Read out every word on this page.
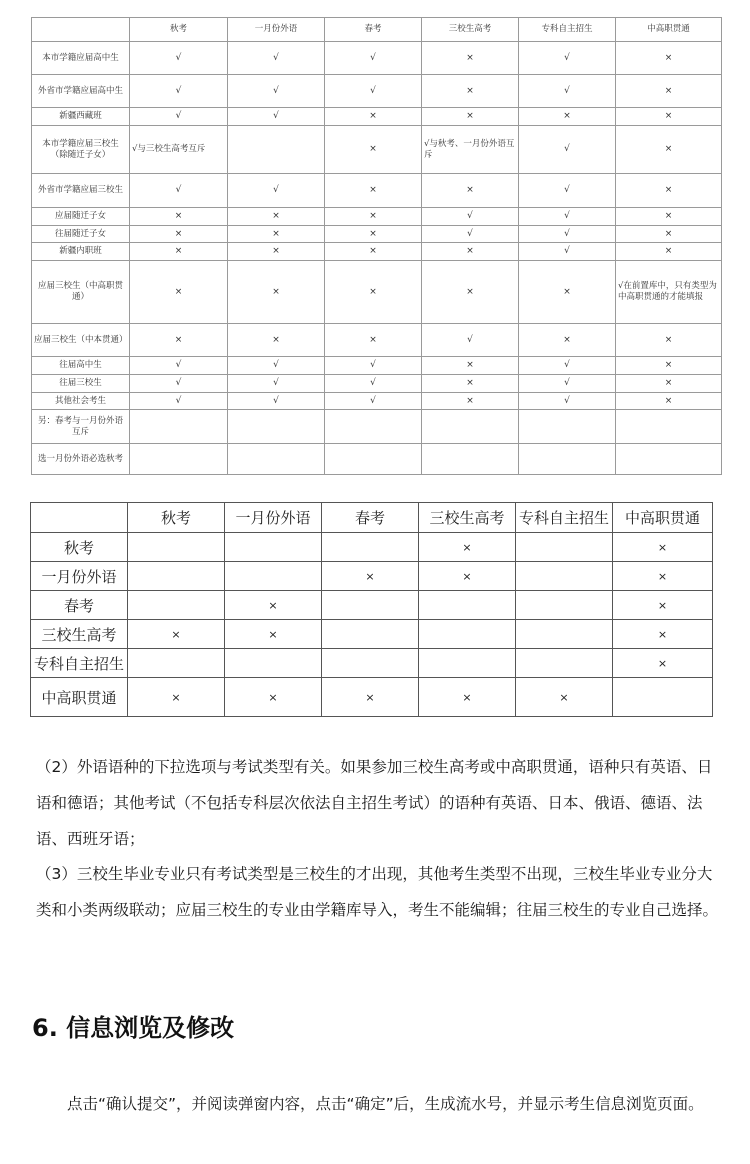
	秋考	一月份外语	春考	三校生高考	专科自主招生	中高职贯通
本市学籍应届高中生	√	√	√	×	√	×
外省市学籍应届高中生	√	√	√	×	√	×
新疆西藏班	√	√	×	×	×	×
本市学籍应届三校生（除随迁子女）	√与三校生高考互斥		×	√与秋考、一月份外语互斥	√	×
外省市学籍应届三校生	√	√	×	×	√	×
应届随迁子女	×	×	×	√	√	×
往届随迁子女	×	×	×	√	√	×
新疆内职班	×	×	×	×	√	×
应届三校生（中高职贯通）	×	×	×	×	×	√在前置库中，只有类型为中高职贯通的才能填报
应届三校生（中本贯通）	×	×	×	√	×	×
往届高中生	√	√	√	×	√	×
往届三校生	√	√	√	×	√	×
其他社会考生	√	√	√	×	√	×
另：春考与一月份外语互斥						
选一月份外语必选秋考						
	秋考	一月份外语	春考	三校生高考	专科自主招生	中高职贯通
秋考				×		×
一月份外语			×	×		×
春考		×				×
三校生高考	×	×				×
专科自主招生						×
中高职贯通	×	×	×	×	×	
（2）外语语种的下拉选项与考试类型有关。如果参加三校生高考或中高职贯通，语种只有英语、日语和德语；其他考试（不包括专科层次依法自主招生考试）的语种有英语、日本、俄语、德语、法语、西班牙语；
（3）三校生毕业专业只有考试类型是三校生的才出现，其他考生类型不出现，三校生毕业专业分大类和小类两级联动；应届三校生的专业由学籍库导入，考生不能编辑；往届三校生的专业自己选择。
6. 信息浏览及修改
点击“确认提交”，并阅读弹窗内容，点击“确定”后，生成流水号，并显示考生信息浏览页面。
